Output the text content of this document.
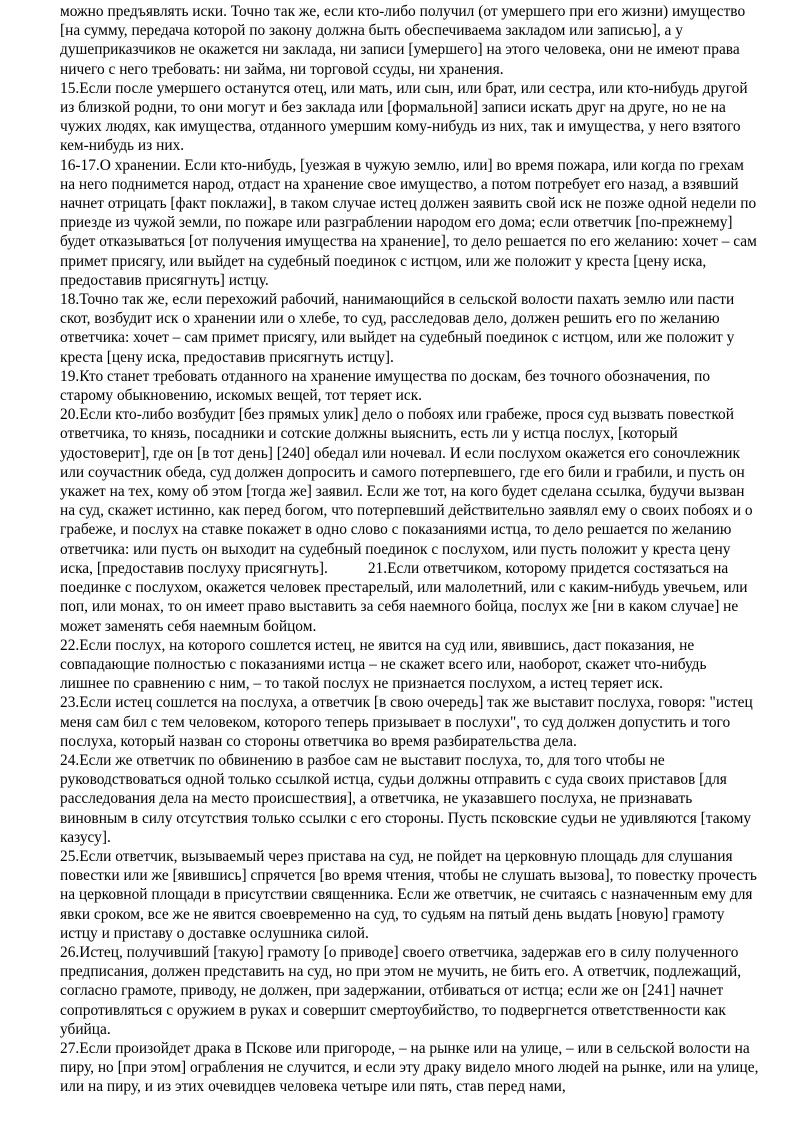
можно предъявлять иски. Точно так же, если кто-либо получил (от умершего при его жизни) имущество [на сумму, передача которой по закону должна быть обеспечиваема закладом или записью], а у душеприказчиков не окажется ни заклада, ни записи [умершего] на этого человека, они не имеют права ничего с него требовать: ни займа, ни торговой ссуды, ни хранения.
15.Если после умершего останутся отец, или мать, или сын, или брат, или сестра, или кто-нибудь другой из близкой родни, то они могут и без заклада или [формальной] записи искать друг на друге, но не на чужих людях, как имущества, отданного умершим кому-нибудь из них, так и имущества, у него взятого кем-нибудь из них.
16-17.О хранении. Если кто-нибудь, [уезжая в чужую землю, или] во время пожара, или когда по грехам на него поднимется народ, отдаст на хранение свое имущество, а потом потребует его назад, а взявший начнет отрицать [факт поклажи], в таком случае истец должен заявить свой иск не позже одной недели по приезде из чужой земли, по пожаре или разграблении народом его дома; если ответчик [по-прежнему] будет отказываться [от получения имущества на хранение], то дело решается по его желанию: хочет – сам примет присягу, или выйдет на судебный поединок с истцом, или же положит у креста [цену иска, предоставив присягнуть] истцу.
18.Точно так же, если перехожий рабочий, нанимающийся в сельской волости пахать землю или пасти скот, возбудит иск о хранении или о хлебе, то суд, расследовав дело, должен решить его по желанию ответчика: хочет – сам примет присягу, или выйдет на судебный поединок с истцом, или же положит у креста [цену иска, предоставив присягнуть истцу].
19.Кто станет требовать отданного на хранение имущества по доскам, без точного обозначения, по старому обыкновению, искомых вещей, тот теряет иск.
20.Если кто-либо возбудит [без прямых улик] дело о побоях или грабеже, прося суд вызвать повесткой ответчика, то князь, посадники и сотские должны выяснить, есть ли у истца послух, [который удостоверит], где он [в тот день] [240] обедал или ночевал. И если послухом окажется его соночлежник или соучастник обеда, суд должен допросить и самого потерпевшего, где его били и грабили, и пусть он укажет на тех, кому об этом [тогда же] заявил. Если же тот, на кого будет сделана ссылка, будучи вызван на суд, скажет истинно, как перед богом, что потерпевший действительно заявлял ему о своих побоях и о грабеже, и послух на ставке покажет в одно слово с показаниями истца, то дело решается по желанию ответчика: или пусть он выходит на судебный поединок с послухом, или пусть положит у креста цену иска, [предоставив послуху присягнуть].	21.Если ответчиком, которому придется состязаться на поединке с послухом, окажется человек престарелый, или малолетний, или с каким-нибудь увечьем, или поп, или монах, то он имеет право выставить за себя наемного бойца, послух же [ни в каком случае] не может заменять себя наемным бойцом.
22.Если послух, на которого сошлется истец, не явится на суд или, явившись, даст показания, не совпадающие полностью с показаниями истца – не скажет всего или, наоборот, скажет что-нибудь лишнее по сравнению с ним, – то такой послух не признается послухом, а истец теряет иск.
23.Если истец сошлется на послуха, а ответчик [в свою очередь] так же выставит послуха, говоря: "истец меня сам бил с тем человеком, которого теперь призывает в послухи", то суд должен допустить и того послуха, который назван со стороны ответчика во время разбирательства дела.
24.Если же ответчик по обвинению в разбое сам не выставит послуха, то, для того чтобы не руководствоваться одной только ссылкой истца, судьи должны отправить с суда своих приставов [для расследования дела на место происшествия], а ответчика, не указавшего послуха, не признавать виновным в силу отсутствия только ссылки с его стороны. Пусть псковские судьи не удивляются [такому казусу].
25.Если ответчик, вызываемый через пристава на суд, не пойдет на церковную площадь для слушания повестки или же [явившись] спрячется [во время чтения, чтобы не слушать вызова], то повестку прочесть на церковной площади в присутствии священника. Если же ответчик, не считаясь с назначенным ему для явки сроком, все же не явится своевременно на суд, то судьям на пятый день выдать [новую] грамоту истцу и приставу о доставке ослушника силой.
26.Истец, получивший [такую] грамоту [о приводе] своего ответчика, задержав его в силу полученного предписания, должен представить на суд, но при этом не мучить, не бить его. А ответчик, подлежащий, согласно грамоте, приводу, не должен, при задержании, отбиваться от истца; если же он [241] начнет сопротивляться с оружием в руках и совершит смертоубийство, то подвергнется ответственности как убийца.
27.Если произойдет драка в Пскове или пригороде, – на рынке или на улице, – или в сельской волости на пиру, но [при этом] ограбления не случится, и если эту драку видело много людей на рынке, или на улице, или на пиру, и из этих очевидцев человека четыре или пять, став перед нами,
